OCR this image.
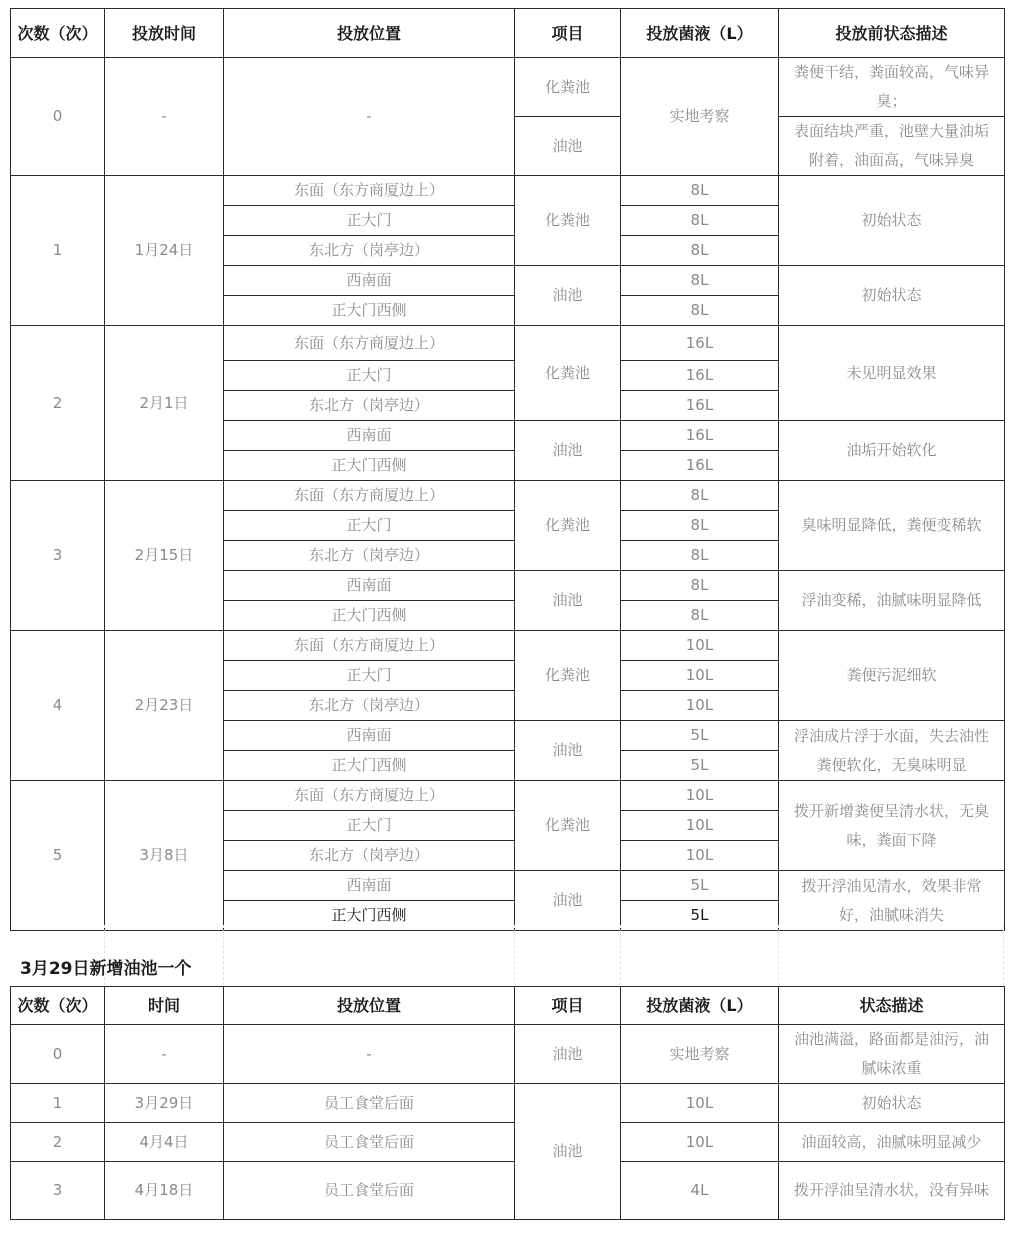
次数（次）	投放时间	投放位置	项目	投放菌液（L）	投放前状态描述
0	-	-	化粪池	实地考察	粪便干结，粪面较高，气味异臭；
			油池		表面结块严重，池壁大量油垢附着，油面高，气味异臭
1	1月24日	东面（东方商厦边上）	化粪池	8L	初始状态
		正大门		8L	
		东北方（岗亭边）		8L	
		西南面	油池	8L	初始状态
		正大门西侧		8L	
2	2月1日	东面（东方商厦边上）	化粪池	16L	未见明显效果
		正大门		16L	
		东北方（岗亭边）		16L	
		西南面	油池	16L	油垢开始软化
		正大门西侧		16L	
3	2月15日	东面（东方商厦边上）	化粪池	8L	臭味明显降低，粪便变稀软
		正大门		8L	
		东北方（岗亭边）		8L	
		西南面	油池	8L	浮油变稀，油腻味明显降低
		正大门西侧		8L	
4	2月23日	东面（东方商厦边上）	化粪池	10L	粪便污泥细软
		正大门		10L	
		东北方（岗亭边）		10L	
		西南面	油池	5L	浮油成片浮于水面，失去油性粪便软化，无臭味明显
		正大门西侧		5L	
5	3月8日	东面（东方商厦边上）	化粪池	10L	拨开新增粪便呈清水状，无臭味，粪面下降
		正大门		10L	
		东北方（岗亭边）		10L	
		西南面	油池	5L	拨开浮油见清水，效果非常好，油腻味消失
		正大门西侧		5L	
3月29日新增油池一个
次数（次）	时间	投放位置	项目	投放菌液（L）	状态描述
0	-	-	油池	实地考察	油池满溢，路面都是油污，油腻味浓重
1	3月29日	员工食堂后面	油池	10L	初始状态
2	4月4日	员工食堂后面		10L	油面较高，油腻味明显减少
3	4月18日	员工食堂后面		4L	拨开浮油呈清水状，没有异味
